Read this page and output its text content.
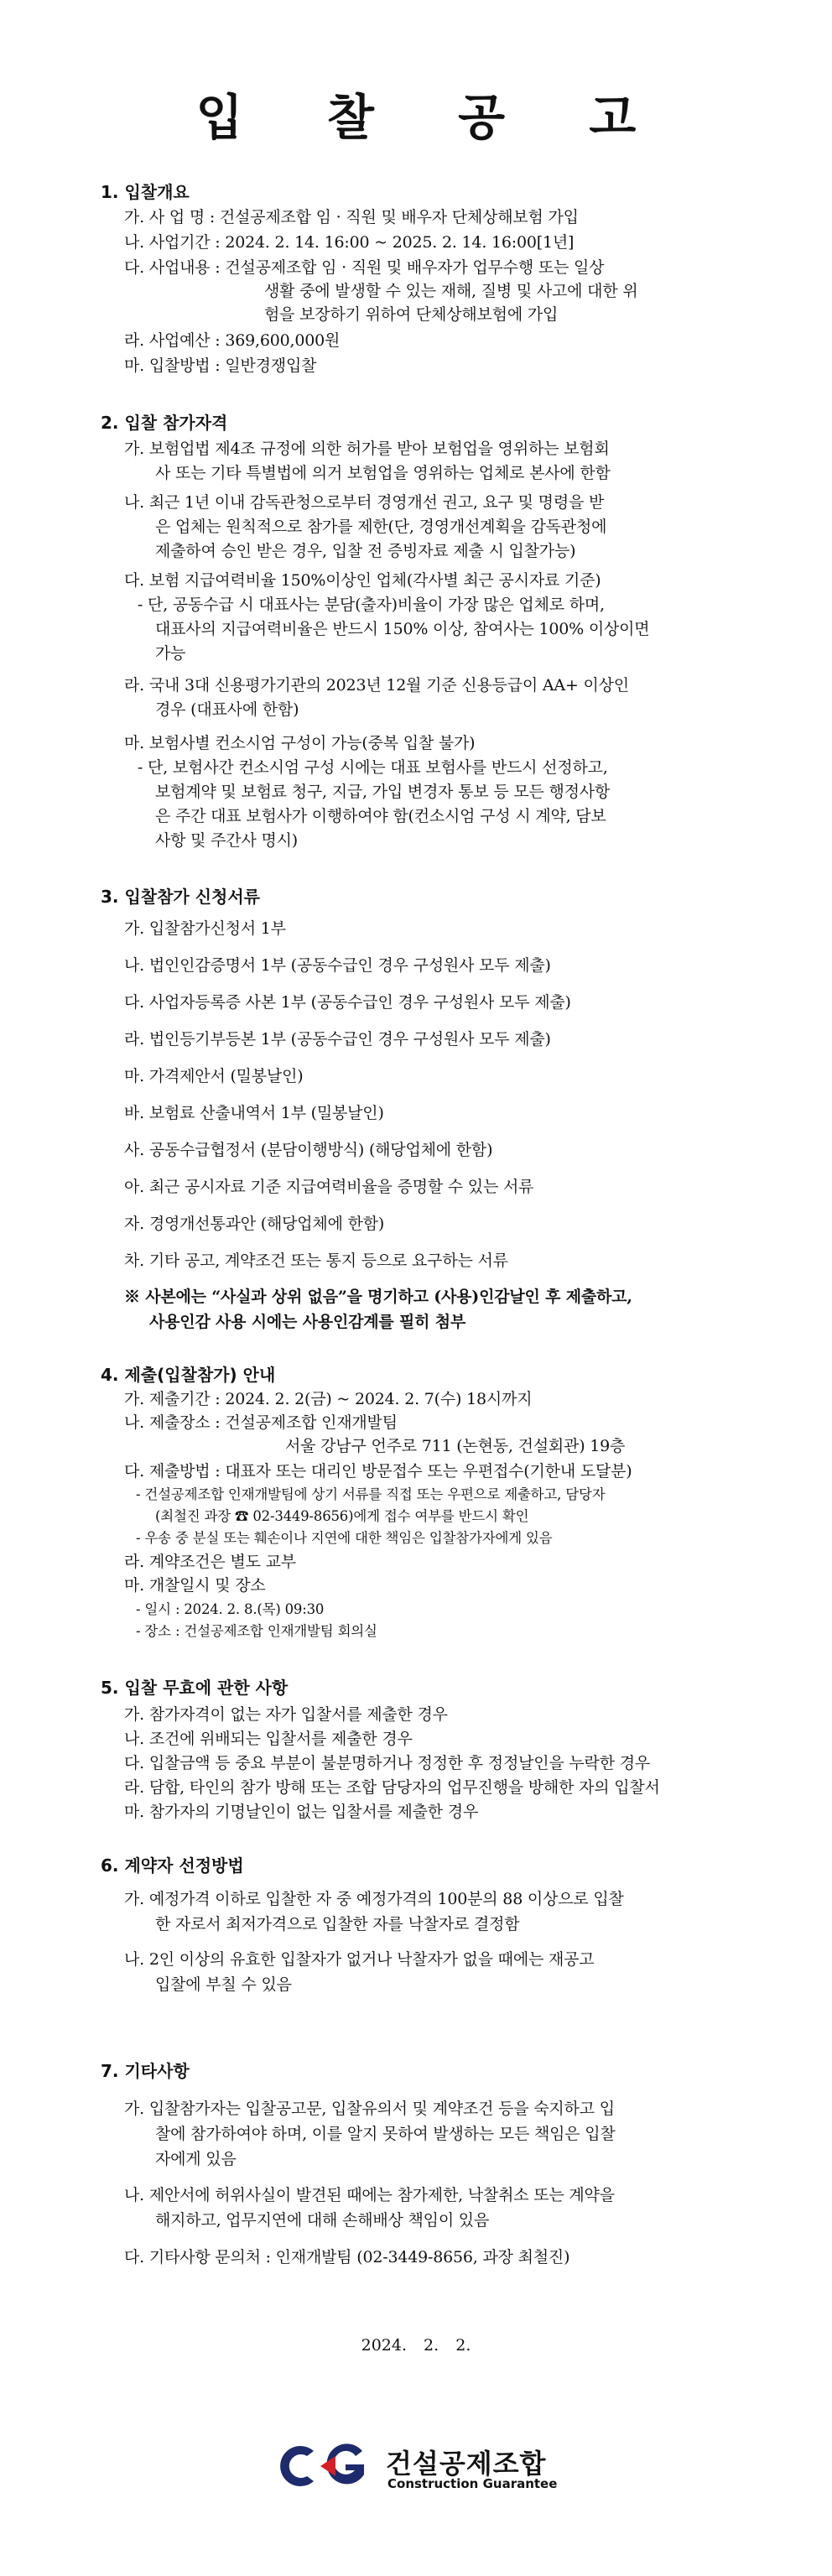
입 찰 공 고
1. 입찰개요
가. 사 업 명 : 건설공제조합 임 · 직원 및 배우자 단체상해보험 가입
나. 사업기간 : 2024. 2. 14. 16:00 ~ 2025. 2. 14. 16:00[1년]
다. 사업내용 : 건설공제조합 임 · 직원 및 배우자가 업무수행 또는 일상
생활 중에 발생할 수 있는 재해, 질병 및 사고에 대한 위
험을 보장하기 위하여 단체상해보험에 가입
라. 사업예산 : 369,600,000원
마. 입찰방법 : 일반경쟁입찰
2. 입찰 참가자격
가. 보험업법 제4조 규정에 의한 허가를 받아 보험업을 영위하는 보험회
사 또는 기타 특별법에 의거 보험업을 영위하는 업체로 본사에 한함
나. 최근 1년 이내 감독관청으로부터 경영개선 권고, 요구 및 명령을 받
은 업체는 원칙적으로 참가를 제한(단, 경영개선계획을 감독관청에
제출하여 승인 받은 경우, 입찰 전 증빙자료 제출 시 입찰가능)
다. 보험 지급여력비율 150%이상인 업체(각사별 최근 공시자료 기준)
- 단, 공동수급 시 대표사는 분담(출자)비율이 가장 많은 업체로 하며,
대표사의 지급여력비율은 반드시 150% 이상, 참여사는 100% 이상이면
가능
라. 국내 3대 신용평가기관의 2023년 12월 기준 신용등급이 AA+ 이상인
경우 (대표사에 한함)
마. 보험사별 컨소시엄 구성이 가능(중복 입찰 불가)
- 단, 보험사간 컨소시엄 구성 시에는 대표 보험사를 반드시 선정하고,
보험계약 및 보험료 청구, 지급, 가입 변경자 통보 등 모든 행정사항
은 주간 대표 보험사가 이행하여야 함(컨소시엄 구성 시 계약, 담보
사항 및 주간사 명시)
3. 입찰참가 신청서류
가. 입찰참가신청서 1부
나. 법인인감증명서 1부 (공동수급인 경우 구성원사 모두 제출)
다. 사업자등록증 사본 1부 (공동수급인 경우 구성원사 모두 제출)
라. 법인등기부등본 1부 (공동수급인 경우 구성원사 모두 제출)
마. 가격제안서 (밀봉날인)
바. 보험료 산출내역서 1부 (밀봉날인)
사. 공동수급협정서 (분담이행방식) (해당업체에 한함)
아. 최근 공시자료 기준 지급여력비율을 증명할 수 있는 서류
자. 경영개선통과안 (해당업체에 한함)
차. 기타 공고, 계약조건 또는 통지 등으로 요구하는 서류
※ 사본에는 “사실과 상위 없음”을 명기하고 (사용)인감날인 후 제출하고,
사용인감 사용 시에는 사용인감계를 필히 첨부
4. 제출(입찰참가) 안내
가. 제출기간 : 2024. 2. 2(금) ~ 2024. 2. 7(수) 18시까지
나. 제출장소 : 건설공제조합 인재개발팀
서울 강남구 언주로 711 (논현동, 건설회관) 19층
다. 제출방법 : 대표자 또는 대리인 방문접수 또는 우편접수(기한내 도달분)
- 건설공제조합 인재개발팀에 상기 서류를 직접 또는 우편으로 제출하고, 담당자
(최철진 과장 ☎ 02-3449-8656)에게 접수 여부를 반드시 확인
- 우송 중 분실 또는 훼손이나 지연에 대한 책임은 입찰참가자에게 있음
라. 계약조건은 별도 교부
마. 개찰일시 및 장소
- 일시 : 2024. 2. 8.(목) 09:30
- 장소 : 건설공제조합 인재개발팀 회의실
5. 입찰 무효에 관한 사항
가. 참가자격이 없는 자가 입찰서를 제출한 경우
나. 조건에 위배되는 입찰서를 제출한 경우
다. 입찰금액 등 중요 부분이 불분명하거나 정정한 후 정정날인을 누락한 경우
라. 담합, 타인의 참가 방해 또는 조합 담당자의 업무진행을 방해한 자의 입찰서
마. 참가자의 기명날인이 없는 입찰서를 제출한 경우
6. 계약자 선정방법
가. 예정가격 이하로 입찰한 자 중 예정가격의 100분의 88 이상으로 입찰
한 자로서 최저가격으로 입찰한 자를 낙찰자로 결정함
나. 2인 이상의 유효한 입찰자가 없거나 낙찰자가 없을 때에는 재공고
입찰에 부칠 수 있음
7. 기타사항
가. 입찰참가자는 입찰공고문, 입찰유의서 및 계약조건 등을 숙지하고 입
찰에 참가하여야 하며, 이를 알지 못하여 발생하는 모든 책임은 입찰
자에게 있음
나. 제안서에 허위사실이 발견된 때에는 참가제한, 낙찰취소 또는 계약을
해지하고, 업무지연에 대해 손해배상 책임이 있음
다. 기타사항 문의처 : 인재개발팀 (02-3449-8656, 과장 최철진)
2024. 2. 2.
건설공제조합
Construction Guarantee
